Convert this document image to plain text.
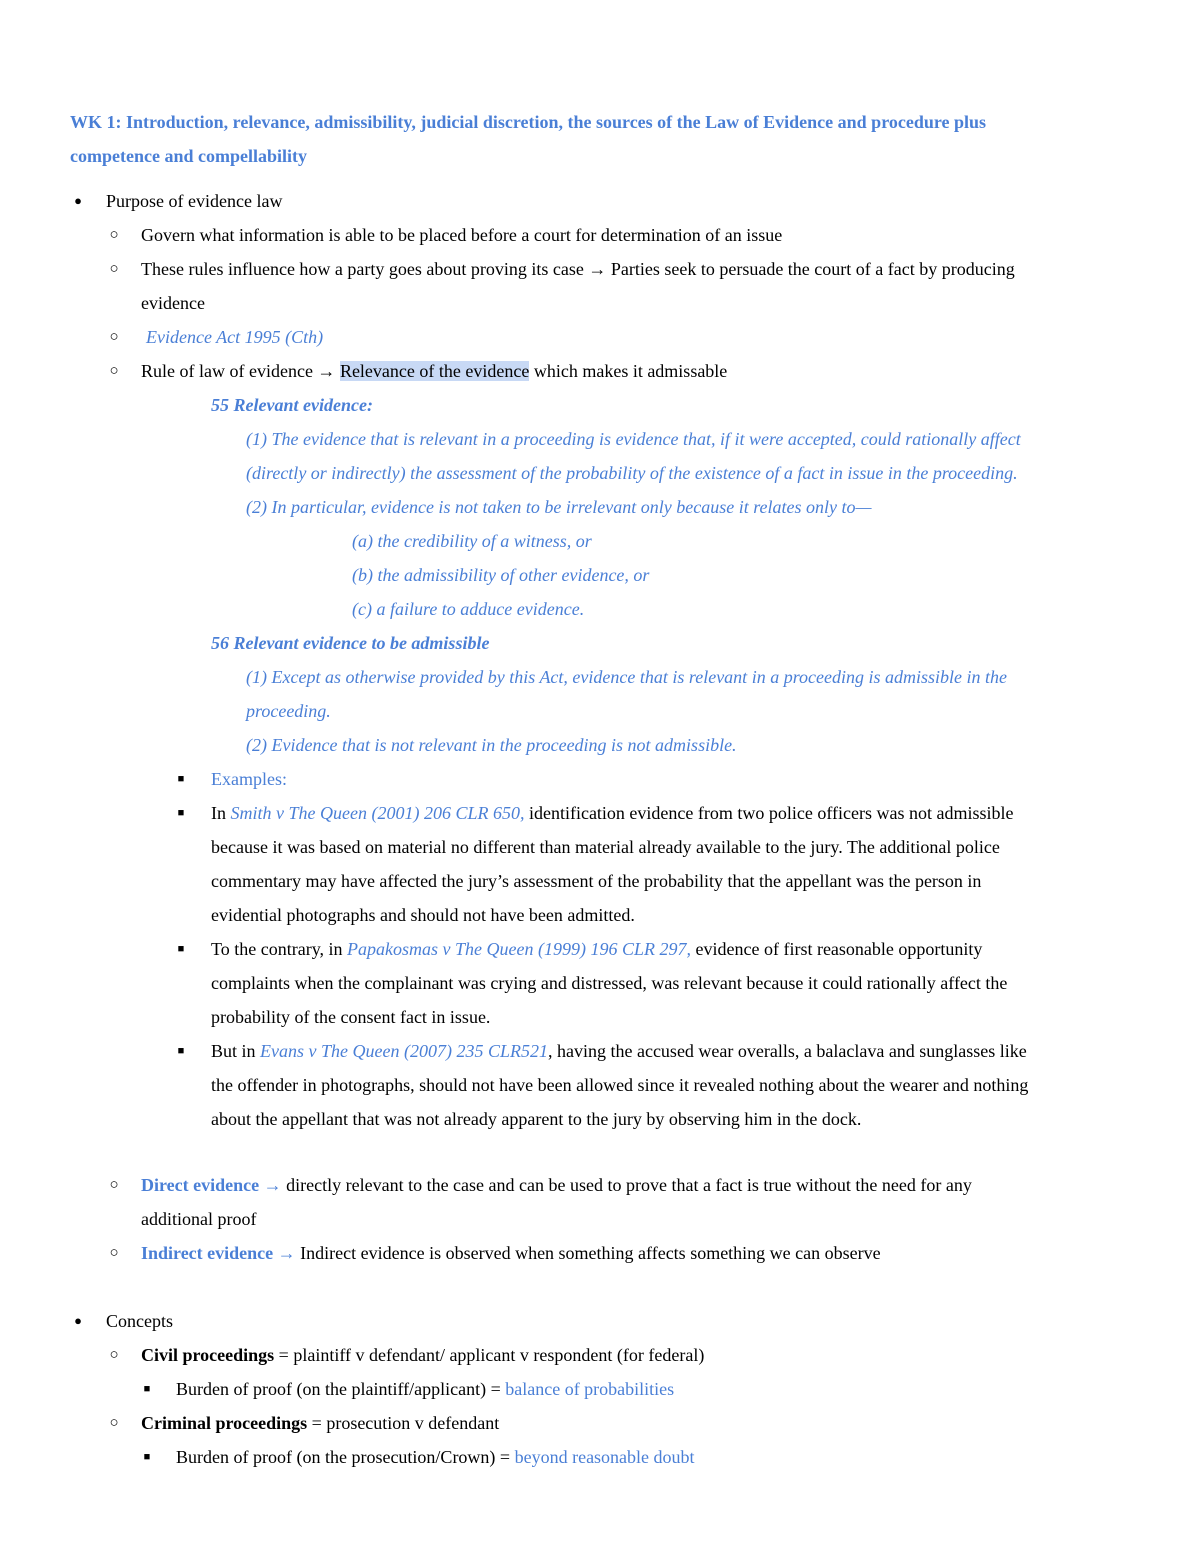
WK 1: Introduction, relevance, admissibility, judicial discretion, the sources of the Law of Evidence and procedure plus
competence and compellability
●	Purpose of evidence law
○	Govern what information is able to be placed before a court for determination of an issue
○	These rules influence how a party goes about proving its case → Parties seek to persuade the court of a fact by producing
evidence
○	Evidence Act 1995 (Cth)
○	Rule of law of evidence → Relevance of the evidence which makes it admissable
55 Relevant evidence:
(1) The evidence that is relevant in a proceeding is evidence that, if it were accepted, could rationally affect
(directly or indirectly) the assessment of the probability of the existence of a fact in issue in the proceeding.
(2) In particular, evidence is not taken to be irrelevant only because it relates only to—
(a) the credibility of a witness, or
(b) the admissibility of other evidence, or
(c) a failure to adduce evidence.
56 Relevant evidence to be admissible
(1) Except as otherwise provided by this Act, evidence that is relevant in a proceeding is admissible in the
proceeding.
(2) Evidence that is not relevant in the proceeding is not admissible.
■	Examples:
■	In Smith v The Queen (2001) 206 CLR 650, identification evidence from two police officers was not admissible
because it was based on material no different than material already available to the jury. The additional police
commentary may have affected the jury’s assessment of the probability that the appellant was the person in
evidential photographs and should not have been admitted.
■	To the contrary, in Papakosmas v The Queen (1999) 196 CLR 297, evidence of first reasonable opportunity
complaints when the complainant was crying and distressed, was relevant because it could rationally affect the
probability of the consent fact in issue.
■	But in Evans v The Queen (2007) 235 CLR521, having the accused wear overalls, a balaclava and sunglasses like
the offender in photographs, should not have been allowed since it revealed nothing about the wearer and nothing
about the appellant that was not already apparent to the jury by observing him in the dock.
○	Direct evidence → directly relevant to the case and can be used to prove that a fact is true without the need for any
additional proof
○	Indirect evidence → Indirect evidence is observed when something affects something we can observe
●	Concepts
○	Civil proceedings = plaintiff v defendant/ applicant v respondent (for federal)
■	Burden of proof (on the plaintiff/applicant) = balance of probabilities
○	Criminal proceedings = prosecution v defendant
■	Burden of proof (on the prosecution/Crown) = beyond reasonable doubt
